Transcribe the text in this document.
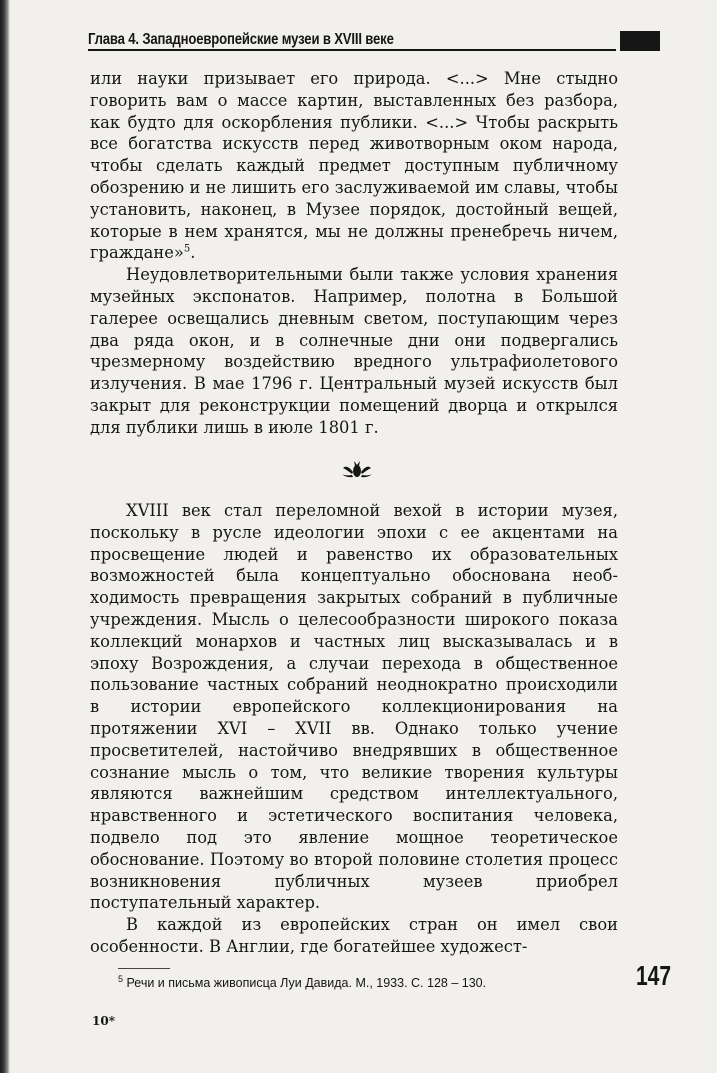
Глава 4. Западноевропейские музеи в XVIII веке

или науки призывает его природа. <...> Мне стыдно говорить вам о массе картин, выставленных без разбора, как будто для оскорбления публики. <...> Чтобы раскрыть все богатства искусств перед животворным оком народа, чтобы сделать каждый предмет доступным публичному обозрению и не лишить его заслуживаемой им славы, чтобы установить, наконец, в Музее порядок, достойный вещей, которые в нем хранятся, мы не должны пренебречь ничем, граждане»$^5$.

Неудовлетворительными были также условия хранения музейных экспонатов. Например, полотна в Большой галерее освещались дневным светом, поступающим через два ряда окон, и в солнечные дни они подвергались чрезмерному воздействию вредного ультрафиолетового излучения. В мае 1796 г. Центральный музей искусств был закрыт для реконструкции помещений дворца и открылся для публики лишь в июле 1801 г.

XVIII век стал переломной вехой в истории музея, поскольку в русле идеологии эпохи с ее акцентами на просвещение людей и равенство их образовательных возможностей была концептуально обоснована необходимость превращения закрытых собраний в публичные учреждения. Мысль о целесообразности широкого показа коллекций монархов и частных лиц высказывалась и в эпоху Возрождения, а случаи перехода в общественное пользование частных собраний неоднократно происходили в истории европейского коллекционирования на протяжении XVI – XVII вв. Однако только учение просветителей, настойчиво внедрявших в общественное сознание мысль о том, что великие творения культуры являются важнейшим средством интеллектуального, нравственного и эстетического воспитания человека, подвело под это явление мощное теоретическое обоснование. Поэтому во второй половине столетия процесс возникновения публичных музеев приобрел поступательный характер.

В каждой из европейских стран он имел свои особенности. В Англии, где богатейшее художест-

$^5$ Речи и письма живописца Луи Давида. М., 1933. С. 128 – 130.	147
10*
